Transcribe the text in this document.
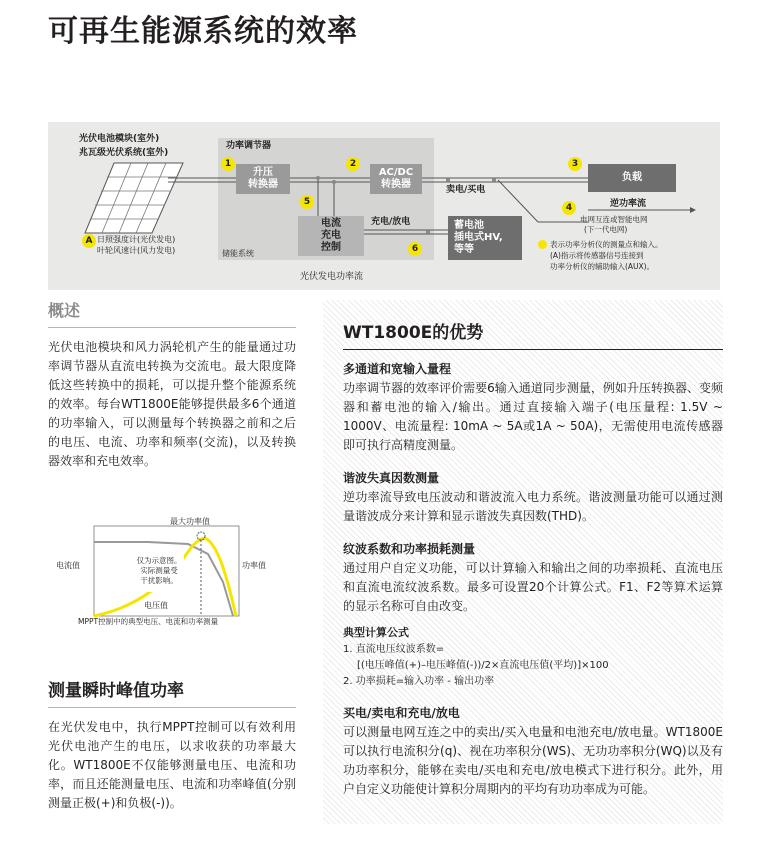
可再生能源系统的效率
光伏电池模块(室外)
兆瓦级光伏系统(室外)
A 日照强度计(光伏发电)
叶轮风速计(风力发电)
功率调节器
储能系统
升压
转换器
AC/DC
转换器
电流
充电
控制
充电/放电	蓄电池
插电式HV,
等等
卖电/买电
负载
逆功率流
电网互连或智能电网
(下一代电网)
表示功率分析仪的测量点和输入。
(A)指示将传感器信号连接到
功率分析仪的辅助输入(AUX)。
光伏发电功率流
1	2	3
4
5
6
概述
光伏电池模块和风力涡轮机产生的能量通过功率调节器从直流电转换为交流电。最大限度降低这些转换中的损耗，可以提升整个能源系统的效率。每台WT1800E能够提供最多6个通道的功率输入，可以测量每个转换器之前和之后的电压、电流、功率和频率(交流)，以及转换器效率和充电效率。
最大功率值
电流值	功率值
电压值
仅为示意图。
实际测量受
干扰影响。
MPPT控制中的典型电压、电流和功率测量
测量瞬时峰值功率
在光伏发电中，执行MPPT控制可以有效利用光伏电池产生的电压，以求收获的功率最大化。WT1800E不仅能够测量电压、电流和功率，而且还能测量电压、电流和功率峰值(分别测量正极(+)和负极(-))。
WT1800E的优势
多通道和宽输入量程
功率调节器的效率评价需要6输入通道同步测量，例如升压转换器、变频器和蓄电池的输入/输出。通过直接输入端子(电压量程: 1.5V ~ 1000V、电流量程: 10mA ~ 5A或1A ~ 50A)，无需使用电流传感器即可执行高精度测量。
谐波失真因数测量
逆功率流导致电压波动和谐波流入电力系统。谐波测量功能可以通过测量谐波成分来计算和显示谐波失真因数(THD)。
纹波系数和功率损耗测量
通过用户自定义功能，可以计算输入和输出之间的功率损耗、直流电压和直流电流纹波系数。最多可设置20个计算公式。F1、F2等算术运算的显示名称可自由改变。
典型计算公式
1. 直流电压纹波系数=
[(电压峰值(+)–电压峰值(-))/2×直流电压值(平均)]×100
2. 功率损耗=输入功率 - 输出功率
买电/卖电和充电/放电
可以测量电网互连之中的卖出/买入电量和电池充电/放电量。WT1800E可以执行电流积分(q)、视在功率积分(WS)、无功功率积分(WQ)以及有功功率积分，能够在卖电/买电和充电/放电模式下进行积分。此外，用户自定义功能使计算积分周期内的平均有功功率成为可能。
